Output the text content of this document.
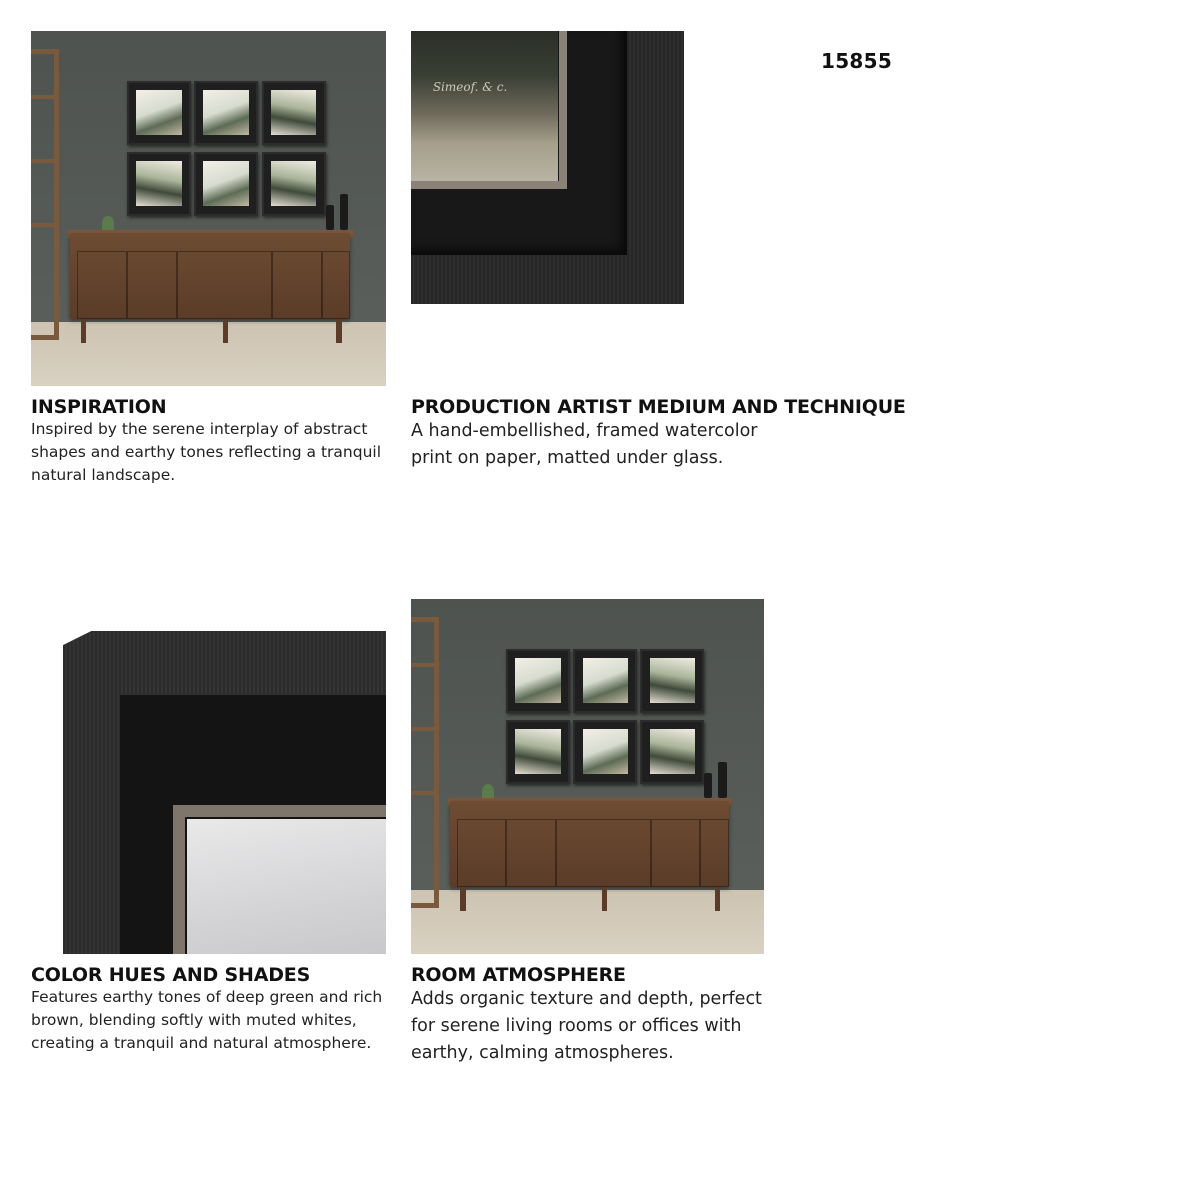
15855
Simeof. & c.
INSPIRATION
Inspired by the serene interplay of abstract shapes and earthy tones reflecting a tranquil natural landscape.
PRODUCTION ARTIST MEDIUM AND TECHNIQUE
A hand-embellished, framed watercolor print on paper, matted under glass.
COLOR HUES AND SHADES
Features earthy tones of deep green and rich brown, blending softly with muted whites, creating a tranquil and natural atmosphere.
ROOM ATMOSPHERE
Adds organic texture and depth, perfect for serene living rooms or offices with earthy, calming atmospheres.
